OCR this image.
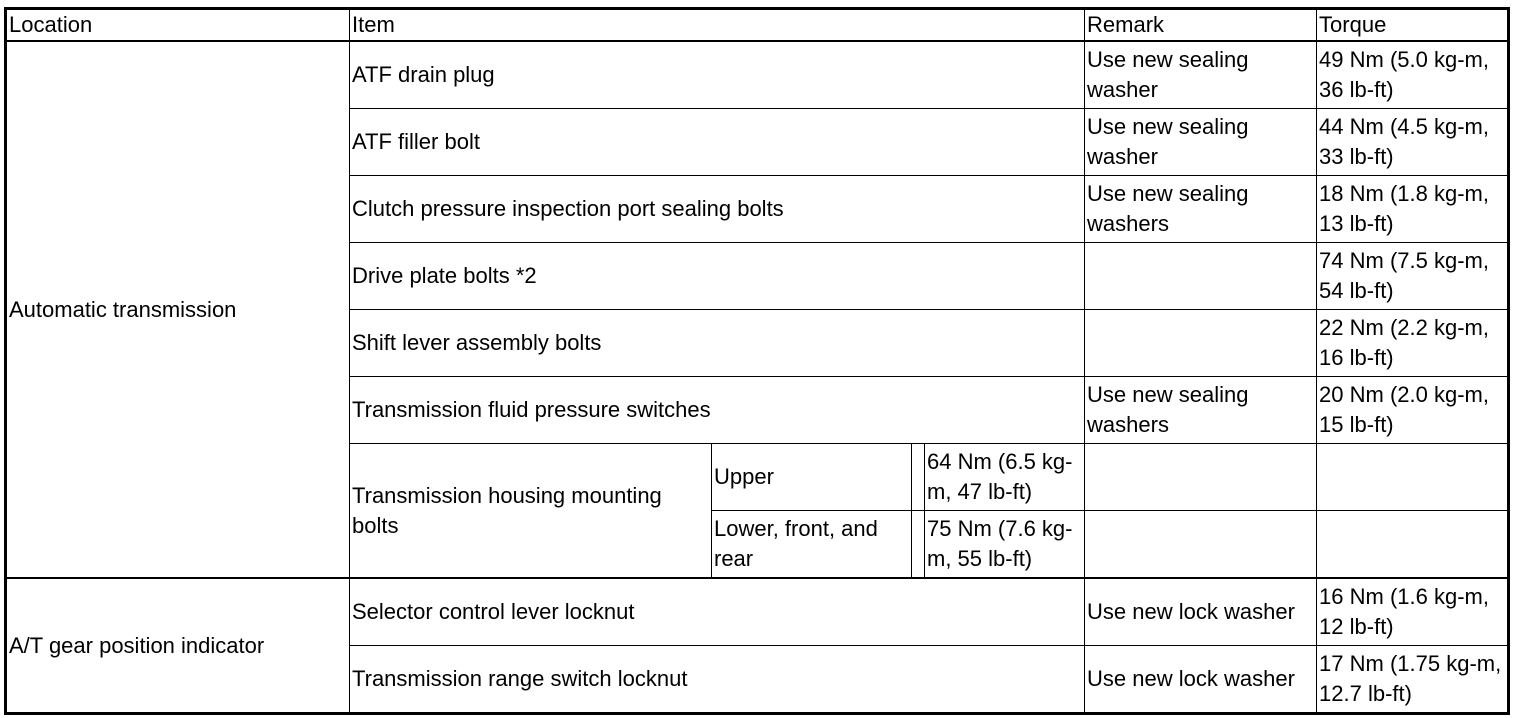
Location	Item				Remark	Torque
Automatic transmission	ATF drain plug				Use new sealing washer	49 Nm (5.0 kg-m, 36 lb-ft)
	ATF filler bolt				Use new sealing washer	44 Nm (4.5 kg-m, 33 lb-ft)
	Clutch pressure inspection port sealing bolts				Use new sealing washers	18 Nm (1.8 kg-m, 13 lb-ft)
	Drive plate bolts *2					74 Nm (7.5 kg-m, 54 lb-ft)
	Shift lever assembly bolts					22 Nm (2.2 kg-m, 16 lb-ft)
	Transmission fluid pressure switches				Use new sealing washers	20 Nm (2.0 kg-m, 15 lb-ft)
	Transmission housing mounting bolts	Upper		64 Nm (6.5 kg-m, 47 lb-ft)		
		Lower, front, and rear		75 Nm (7.6 kg-m, 55 lb-ft)		
A/T gear position indicator	Selector control lever locknut				Use new lock washer	16 Nm (1.6 kg-m, 12 lb-ft)
	Transmission range switch locknut				Use new lock washer	17 Nm (1.75 kg-m, 12.7 lb-ft)
